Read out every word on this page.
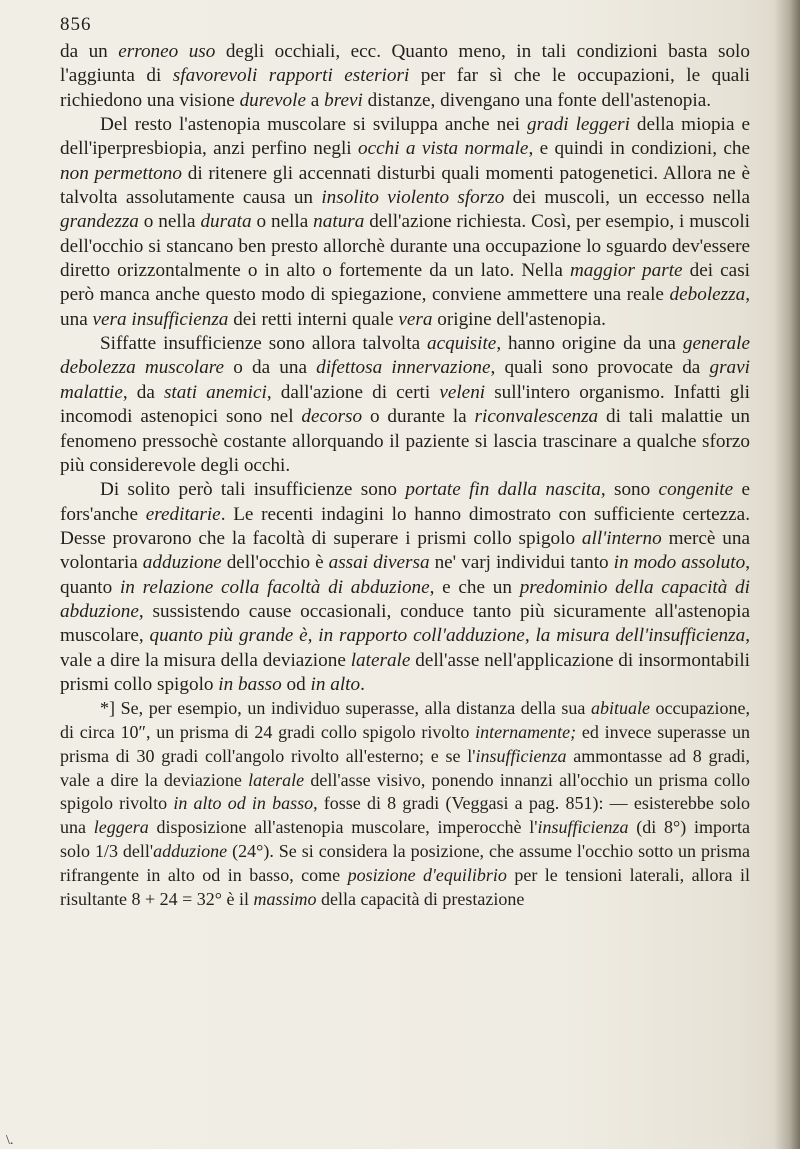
856

da un erroneo uso degli occhiali, ecc. Quanto meno, in tali condizioni basta solo l'aggiunta di sfavorevoli rapporti esteriori per far sì che le occupazioni, le quali richiedono una visione durevole a brevi distanze, divengano una fonte dell'astenopia.

Del resto l'astenopia muscolare si sviluppa anche nei gradi leggeri della miopia e dell'iperpresbiopia, anzi perfino negli occhi a vista normale, e quindi in condizioni, che non permettono di ritenere gli accennati disturbi quali momenti patogenetici. Allora ne è talvolta assolutamente causa un insolito violento sforzo dei muscoli, un eccesso nella grandezza o nella durata o nella natura dell'azione richiesta. Così, per esempio, i muscoli dell'occhio si stancano ben presto allorchè durante una occupazione lo sguardo dev'essere diretto orizzontalmente o in alto o fortemente da un lato. Nella maggior parte dei casi però manca anche questo modo di spiegazione, conviene ammettere una reale debolezza, una vera insufficienza dei retti interni quale vera origine dell'astenopia.

Siffatte insufficienze sono allora talvolta acquisite, hanno origine da una generale debolezza muscolare o da una difettosa innervazione, quali sono provocate da gravi malattie, da stati anemici, dall'azione di certi veleni sull'intero organismo. Infatti gli incomodi astenopici sono nel decorso o durante la riconvalescenza di tali malattie un fenomeno pressochè costante allorquando il paziente si lascia trascinare a qualche sforzo più considerevole degli occhi.

Di solito però tali insufficienze sono portate fin dalla nascita, sono congenite e fors'anche ereditarie. Le recenti indagini lo hanno dimostrato con sufficiente certezza. Desse provarono che la facoltà di superare i prismi collo spigolo all'interno mercè una volontaria adduzione dell'occhio è assai diversa ne' varj individui tanto in modo assoluto, quanto in relazione colla facoltà di abduzione, e che un predominio della capacità di abduzione, sussistendo cause occasionali, conduce tanto più sicuramente all'astenopia muscolare, quanto più grande è, in rapporto coll'adduzione, la misura dell'insufficienza, vale a dire la misura della deviazione laterale dell'asse nell'applicazione di insormontabili prismi collo spigolo in basso od in alto.

*] Se, per esempio, un individuo superasse, alla distanza della sua abituale occupazione, di circa 10″, un prisma di 24 gradi collo spigolo rivolto internamente; ed invece superasse un prisma di 30 gradi coll'angolo rivolto all'esterno; e se l'insufficienza ammontasse ad 8 gradi, vale a dire la deviazione laterale dell'asse visivo, ponendo innanzi all'occhio un prisma collo spigolo rivolto in alto od in basso, fosse di 8 gradi (Veggasi a pag. 851): — esisterebbe solo una leggera disposizione all'astenopia muscolare, imperocchè l'insufficienza (di 8°) importa solo 1/3 dell'adduzione (24°). Se si considera la posizione, che assume l'occhio sotto un prisma rifrangente in alto od in basso, come posizione d'equilibrio per le tensioni laterali, allora il risultante 8 + 24 = 32° è il massimo della capacità di prestazione

\.
